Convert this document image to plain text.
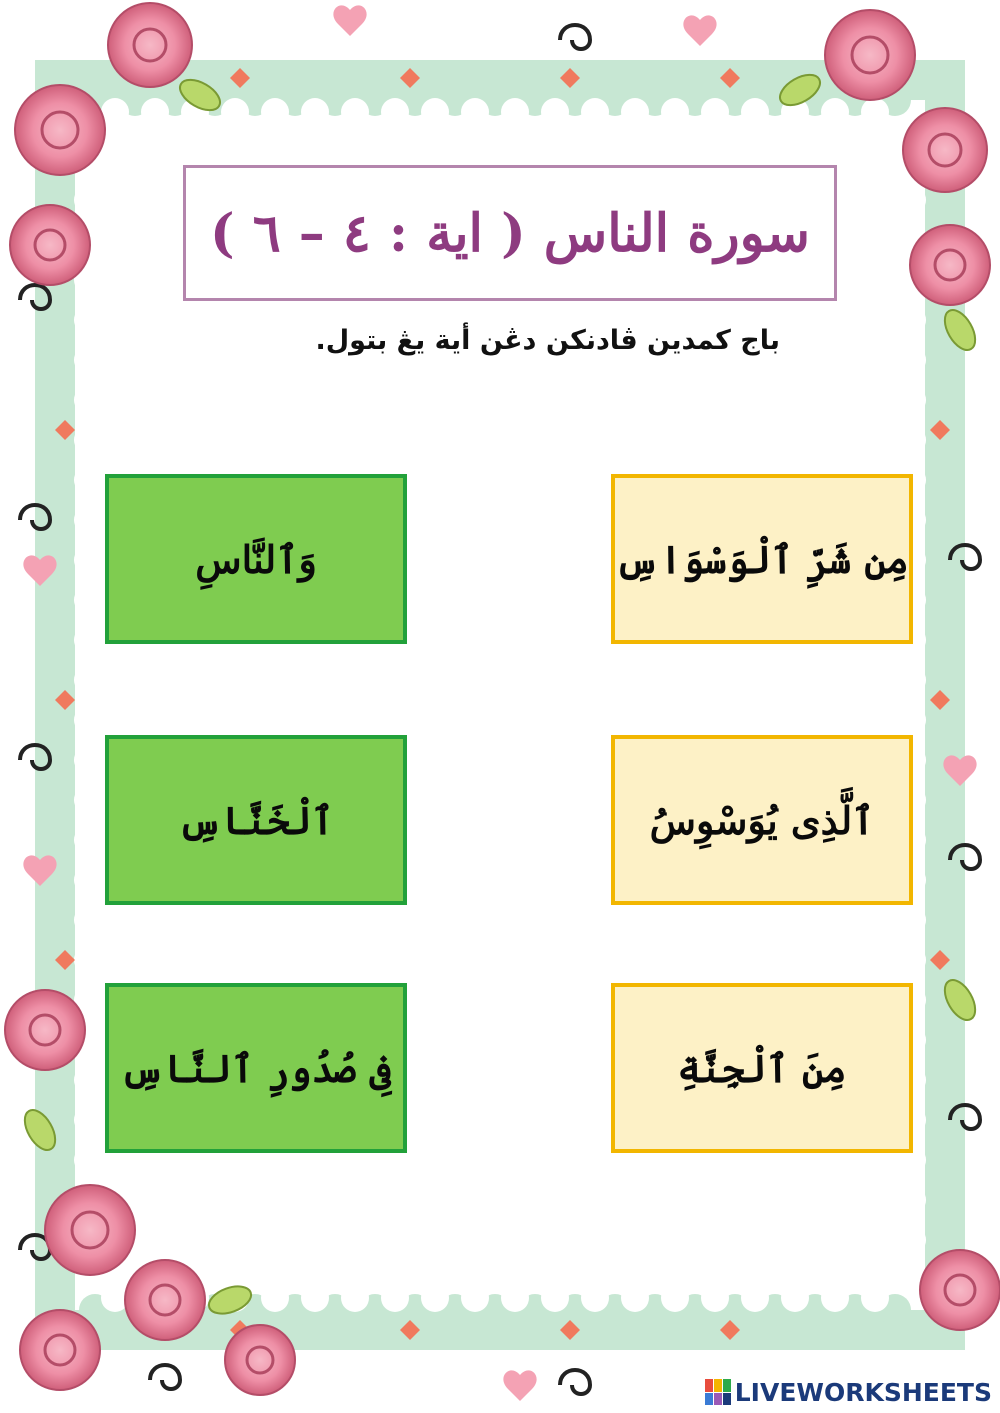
سورة الناس ( اية : ٤ – ٦ )
باج كمدين ڤادنكن دڠن أية يڠ بتول.
وَٱلنَّاسِ
ٱلْخَنَّاسِ
فِى صُدُورِ ٱلنَّاسِ
مِن شَرِّ ٱلْوَسْوَاسِ
ٱلَّذِى يُوَسْوِسُ
مِنَ ٱلْجِنَّةِ
LIVEWORKSHEETS
